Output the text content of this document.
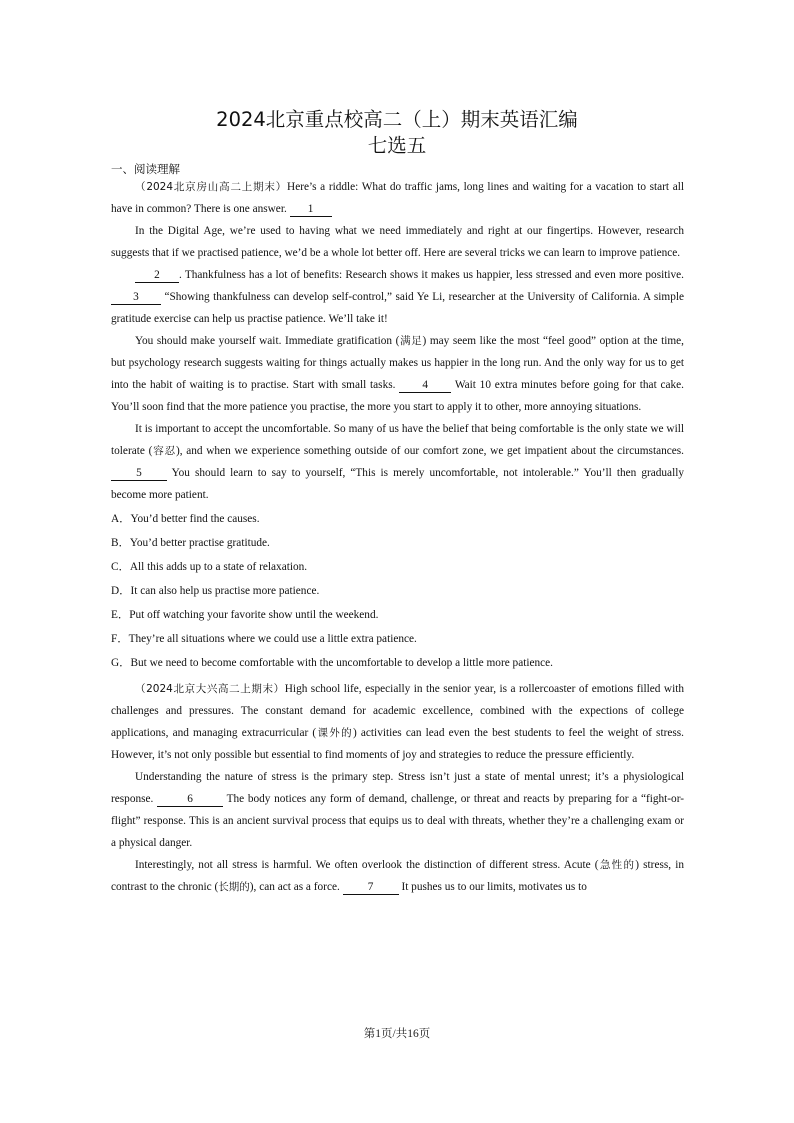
2024北京重点校高二（上）期末英语汇编
七选五
一、阅读理解

（2024北京房山高二上期末）Here’s a riddle: What do traffic jams, long lines and waiting for a vacation to start all have in common? There is one answer. 1

In the Digital Age, we’re used to having what we need immediately and right at our fingertips. However, research suggests that if we practised patience, we’d be a whole lot better off. Here are several tricks we can learn to improve patience.

2 . Thankfulness has a lot of benefits: Research shows it makes us happier, less stressed and even more positive. 3 “Showing thankfulness can develop self-control,” said Ye Li, researcher at the University of California. A simple gratitude exercise can help us practise patience. We’ll take it!

You should make yourself wait. Immediate gratification (满足) may seem like the most “feel good” option at the time, but psychology research suggests waiting for things actually makes us happier in the long run. And the only way for us to get into the habit of waiting is to practise. Start with small tasks. 4 Wait 10 extra minutes before going for that cake. You’ll soon find that the more patience you practise, the more you start to apply it to other, more annoying situations.

It is important to accept the uncomfortable. So many of us have the belief that being comfortable is the only state we will tolerate (容忍), and when we experience something outside of our comfort zone, we get impatient about the circumstances. 5	You should learn to say to yourself, “This is merely uncomfortable, not intolerable.” You’ll then gradually become more patient.

A．You’d better find the causes.

B．You’d better practise gratitude.

C．All this adds up to a state of relaxation.

D．It can also help us practise more patience.

E．Put off watching your favorite show until the weekend.

F．They’re all situations where we could use a little extra patience.

G．But we need to become comfortable with the uncomfortable to develop a little more patience.

（2024北京大兴高二上期末）High school life, especially in the senior year, is a rollercoaster of emotions filled with challenges and pressures. The constant demand for academic excellence, combined with the expections of college applications, and managing extracurricular (课外的) activities can lead even the best students to feel the weight of stress. However, it’s not only possible but essential to find moments of joy and strategies to reduce the pressure efficiently.

Understanding the nature of stress is the primary step. Stress isn’t just a state of mental unrest; it’s a physiological response.	6	The body notices any form of demand, challenge, or threat and reacts by preparing for a “fight-or-flight” response. This is an ancient survival process that equips us to deal with threats, whether they’re a challenging exam or a physical danger.

Interestingly, not all stress is harmful. We often overlook the distinction of different stress. Acute (急性的) stress, in contrast to the chronic (长期的), can act as a force. 7 It pushes us to our limits, motivates us to

第1页/共16页
